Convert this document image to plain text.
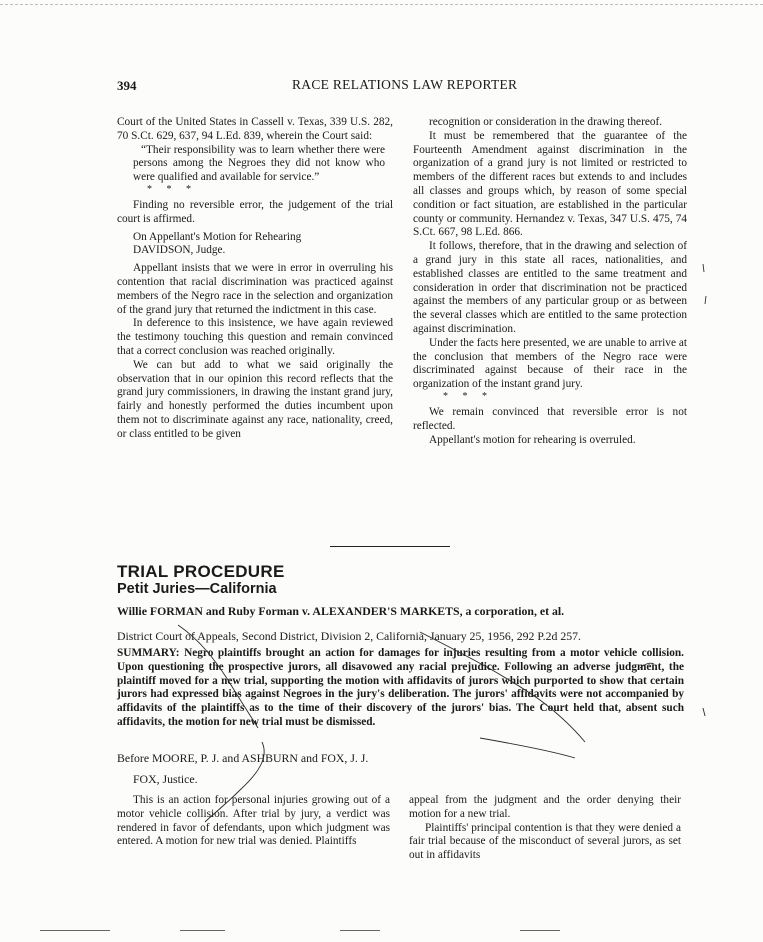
394	RACE RELATIONS LAW REPORTER

Court of the United States in Cassell v. Texas, 339 U.S. 282, 70 S.Ct. 629, 637, 94 L.Ed. 839, wherein the Court said:

“Their responsibility was to learn whether there were persons among the Negroes they did not know who were qualified and available for service.”

* * *

Finding no reversible error, the judgement of the trial court is affirmed.

On Appellant's Motion for Rehearing

DAVIDSON, Judge.

Appellant insists that we were in error in overruling his contention that racial discrimination was practiced against members of the Negro race in the selection and organization of the grand jury that returned the indictment in this case.

In deference to this insistence, we have again reviewed the testimony touching this question and remain convinced that a correct conclusion was reached originally.

We can but add to what we said originally the observation that in our opinion this record reflects that the grand jury commissioners, in drawing the instant grand jury, fairly and honestly performed the duties incumbent upon them not to discriminate against any race, nationality, creed, or class entitled to be given

recognition or consideration in the drawing thereof.

It must be remembered that the guarantee of the Fourteenth Amendment against discrimination in the organization of a grand jury is not limited or restricted to members of the different races but extends to and includes all classes and groups which, by reason of some special condition or fact situation, are established in the particular county or community. Hernandez v. Texas, 347 U.S. 475, 74 S.Ct. 667, 98 L.Ed. 866.

It follows, therefore, that in the drawing and selection of a grand jury in this state all races, nationalities, and established classes are entitled to the same treatment and consideration in order that discrimination not be practiced against the members of any particular group or as between the several classes which are entitled to the same protection against discrimination.

Under the facts here presented, we are unable to arrive at the conclusion that members of the Negro race were discriminated against because of their race in the organization of the instant grand jury.

* * *

We remain convinced that reversible error is not reflected.

Appellant's motion for rehearing is overruled.

TRIAL PROCEDURE
Petit Juries—California
Willie FORMAN and Ruby Forman v. ALEXANDER'S MARKETS, a corporation, et al.
District Court of Appeals, Second District, Division 2, California, January 25, 1956, 292 P.2d 257.
SUMMARY: Negro plaintiffs brought an action for damages for injuries resulting from a motor vehicle collision. Upon questioning the prospective jurors, all disavowed any racial prejudice. Following an adverse judgment, the plaintiff moved for a new trial, supporting the motion with affidavits of jurors which purported to show that certain jurors had expressed bias against Negroes in the jury's deliberation. The jurors' affidavits were not accompanied by affidavits of the plaintiffs as to the time of their discovery of the jurors' bias. The Court held that, absent such affidavits, the motion for new trial must be dismissed.
Before MOORE, P. J. and ASHBURN and FOX, J. J.
FOX, Justice.

This is an action for personal injuries growing out of a motor vehicle collision. After trial by jury, a verdict was rendered in favor of defendants, upon which judgment was entered. A motion for new trial was denied. Plaintiffs

appeal from the judgment and the order denying their motion for a new trial.

Plaintiffs' principal contention is that they were denied a fair trial because of the misconduct of several jurors, as set out in affidavits
